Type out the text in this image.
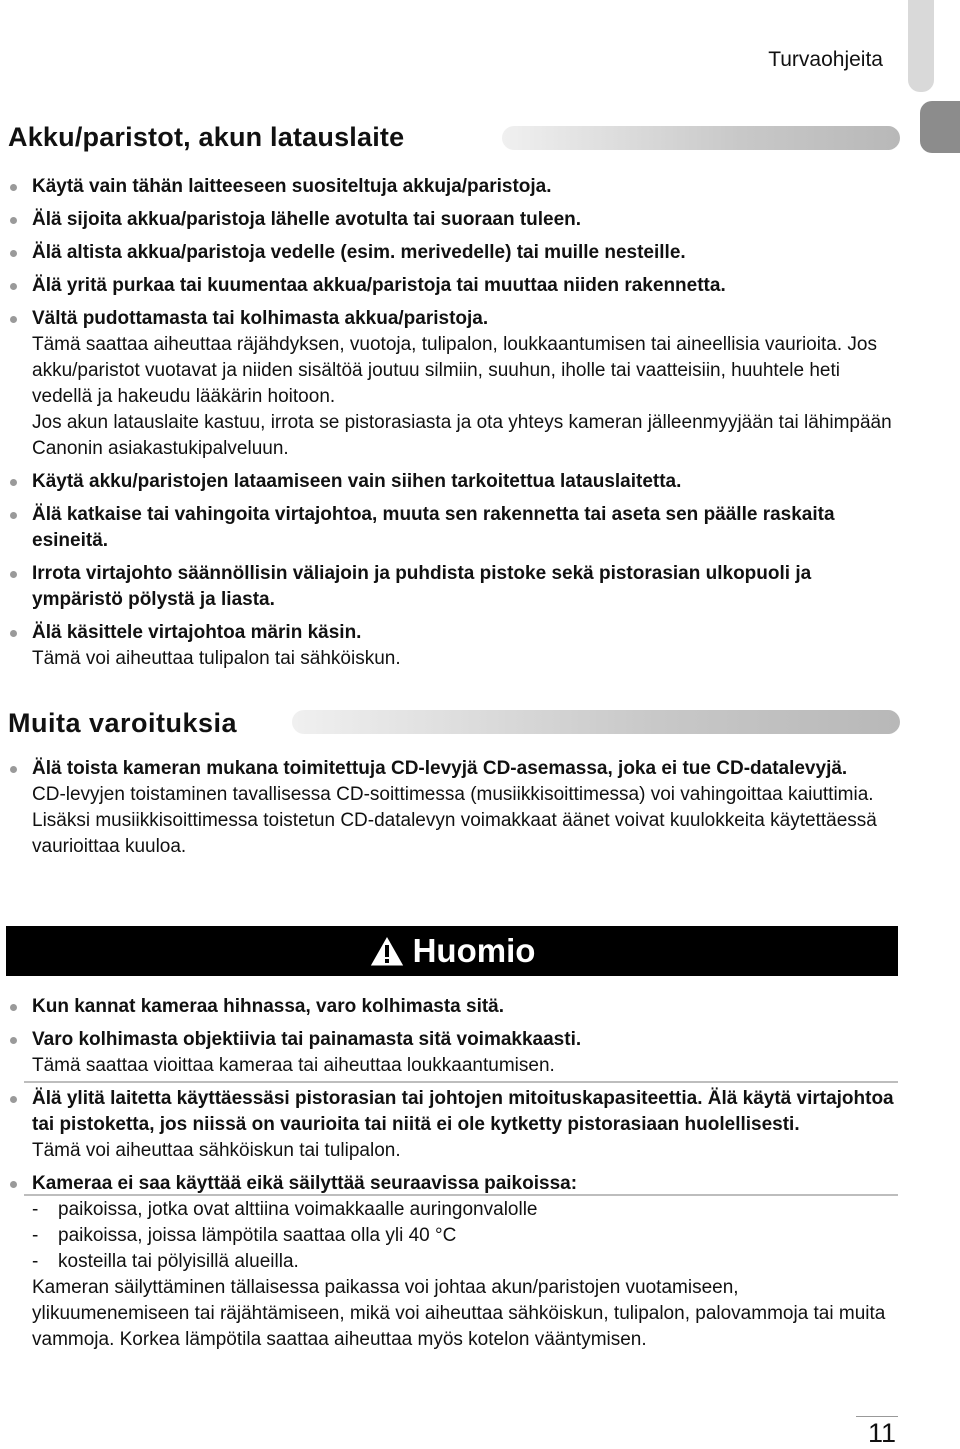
Turvaohjeita
Akku/paristot, akun latauslaite
Käytä vain tähän laitteeseen suositeltuja akkuja/paristoja.
Älä sijoita akkua/paristoja lähelle avotulta tai suoraan tuleen.
Älä altista akkua/paristoja vedelle (esim. merivedelle) tai muille nesteille.
Älä yritä purkaa tai kuumentaa akkua/paristoja tai muuttaa niiden rakennetta.
Vältä pudottamasta tai kolhimasta akkua/paristoja.
Tämä saattaa aiheuttaa räjähdyksen, vuotoja, tulipalon, loukkaantumisen tai aineellisia vaurioita. Jos akku/paristot vuotavat ja niiden sisältöä joutuu silmiin, suuhun, iholle tai vaatteisiin, huuhtele heti vedellä ja hakeudu lääkärin hoitoon.
Jos akun latauslaite kastuu, irrota se pistorasiasta ja ota yhteys kameran jälleenmyyjään tai lähimpään Canonin asiakastukipalveluun.
Käytä akku/paristojen lataamiseen vain siihen tarkoitettua latauslaitetta.
Älä katkaise tai vahingoita virtajohtoa, muuta sen rakennetta tai aseta sen päälle raskaita esineitä.
Irrota virtajohto säännöllisin väliajoin ja puhdista pistoke sekä pistorasian ulkopuoli ja ympäristö pölystä ja liasta.
Älä käsittele virtajohtoa märin käsin.
Tämä voi aiheuttaa tulipalon tai sähköiskun.
Muita varoituksia
Älä toista kameran mukana toimitettuja CD-levyjä CD-asemassa, joka ei tue CD-datalevyjä.
CD-levyjen toistaminen tavallisessa CD-soittimessa (musiikkisoittimessa) voi vahingoittaa kaiuttimia. Lisäksi musiikkisoittimessa toistetun CD-datalevyn voimakkaat äänet voivat kuulokkeita käytettäessä vaurioittaa kuuloa.
Huomio
Kun kannat kameraa hihnassa, varo kolhimasta sitä.
Varo kolhimasta objektiivia tai painamasta sitä voimakkaasti.
Tämä saattaa vioittaa kameraa tai aiheuttaa loukkaantumisen.
Älä ylitä laitetta käyttäessäsi pistorasian tai johtojen mitoituskapasiteettia. Älä käytä virtajohtoa tai pistoketta, jos niissä on vaurioita tai niitä ei ole kytketty pistorasiaan huolellisesti.
Tämä voi aiheuttaa sähköiskun tai tulipalon.
Kameraa ei saa käyttää eikä säilyttää seuraavissa paikoissa:
- paikoissa, jotka ovat alttiina voimakkaalle auringonvalolle
- paikoissa, joissa lämpötila saattaa olla yli 40 °C
- kosteilla tai pölyisillä alueilla.
Kameran säilyttäminen tällaisessa paikassa voi johtaa akun/paristojen vuotamiseen, ylikuumenemiseen tai räjähtämiseen, mikä voi aiheuttaa sähköiskun, tulipalon, palovammoja tai muita vammoja. Korkea lämpötila saattaa aiheuttaa myös kotelon vääntymisen.
11
